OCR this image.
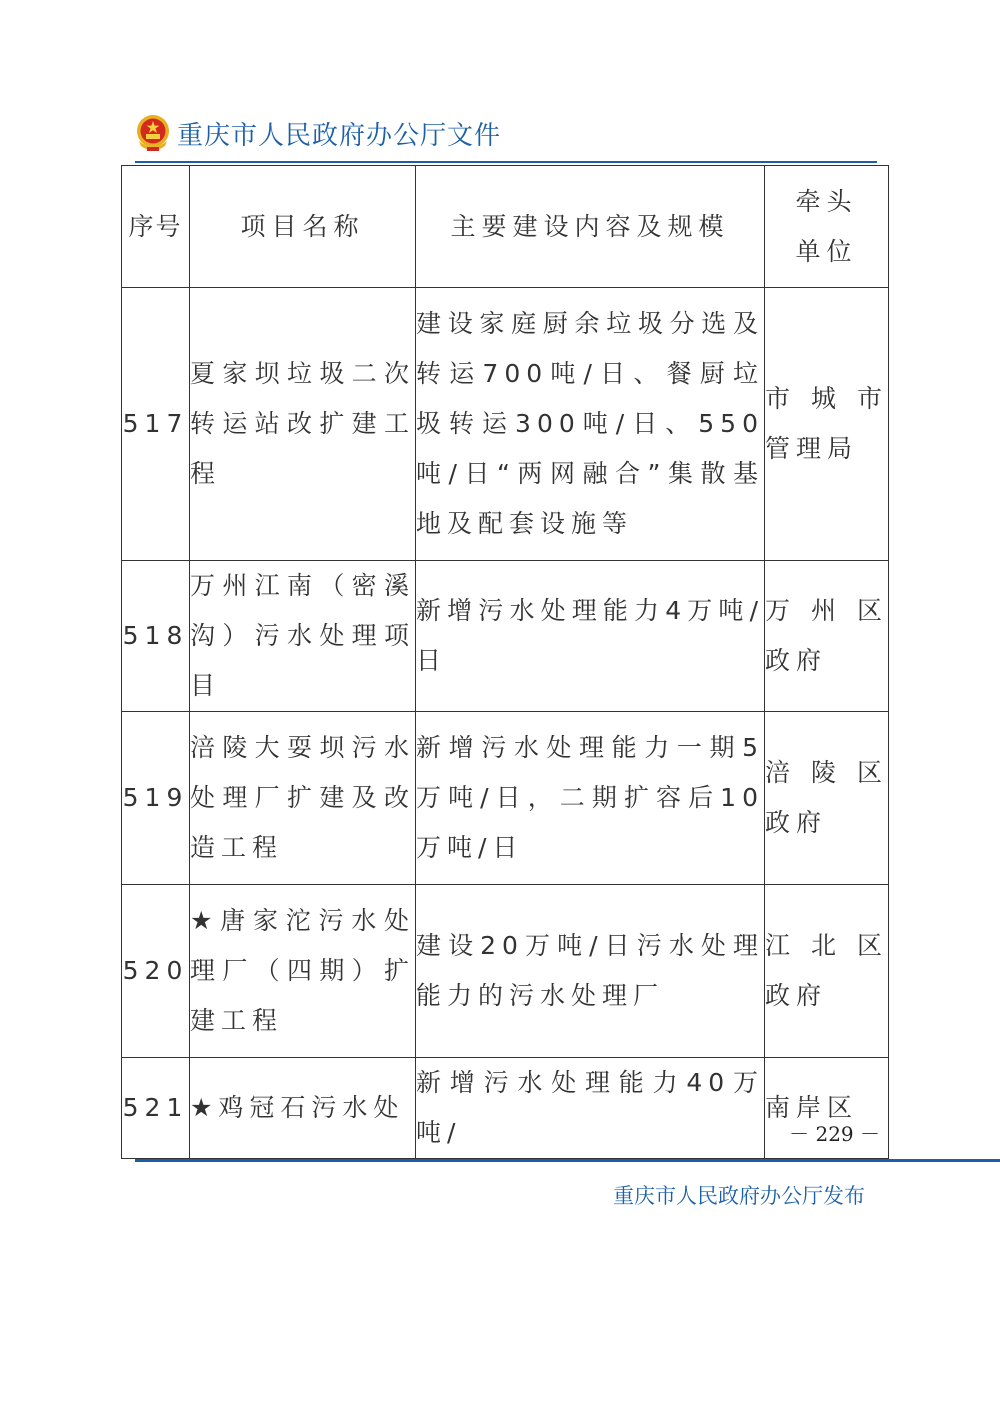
重庆市人民政府办公厅文件
序号	项目名称	主要建设内容及规模	牵头单位
517	夏家坝垃圾二次转运站改扩建工程	建设家庭厨余垃圾分选及转运700吨/日、餐厨垃圾转运300吨/日、550吨/日“两网融合”集散基地及配套设施等	市城市管理局
518	万州江南（密溪沟）污水处理项目	新增污水处理能力4万吨/日	万州区政府
519	涪陵大耍坝污水处理厂扩建及改造工程	新增污水处理能力一期5万吨/日，二期扩容后10万吨/日	涪陵区政府
520	★唐家沱污水处理厂（四期）扩建工程	建设20万吨/日污水处理能力的污水处理厂	江北区政府
521	★鸡冠石污水处	新增污水处理能力40万吨/	南岸区
－ 229 －
重庆市人民政府办公厅发布
